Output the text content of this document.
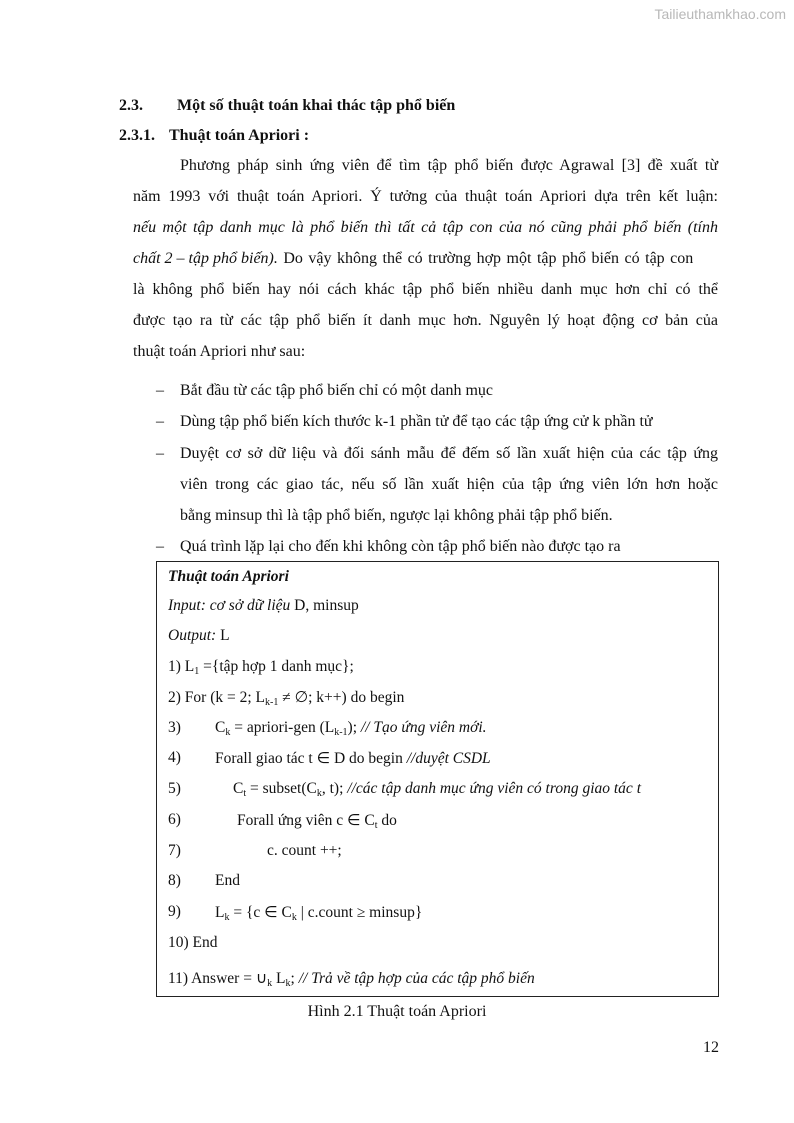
Tailieuthamkhao.com
2.3. Một số thuật toán khai thác tập phổ biến
2.3.1. Thuật toán Apriori :
Phương pháp sinh ứng viên để tìm tập phổ biến được Agrawal [3] đề xuất từ
năm 1993 với thuật toán Apriori. Ý tưởng của thuật toán Apriori dựa trên kết luận:
nếu một tập danh mục là phổ biến thì tất cả tập con của nó cũng phải phổ biến (tính
chất 2 – tập phổ biến). Do vậy không thể có trường hợp một tập phổ biến có tập con
là không phổ biến hay nói cách khác tập phổ biến nhiều danh mục hơn chỉ có thể
được tạo ra từ các tập phổ biến ít danh mục hơn. Nguyên lý hoạt động cơ bản của
thuật toán Apriori như sau:
– Bắt đầu từ các tập phổ biến chỉ có một danh mục
– Dùng tập phổ biến kích thước k-1 phần tử để tạo các tập ứng cử k phần tử
– Duyệt cơ sở dữ liệu và đối sánh mẫu để đếm số lần xuất hiện của các tập ứng
viên trong các giao tác, nếu số lần xuất hiện của tập ứng viên lớn hơn hoặc
bằng minsup thì là tập phổ biến, ngược lại không phải tập phổ biến.
– Quá trình lặp lại cho đến khi không còn tập phổ biến nào được tạo ra
Thuật toán Apriori
Input: cơ sở dữ liệu D, minsup
Output: L
1) $L_1$ ={tập hợp 1 danh mục};
2) For (k = 2; $L_{k-1}$ ≠ ∅; k++) do begin
3) $C_k$ = apriori-gen $(L_{k-1})$; // Tạo ứng viên mới.
4) Forall giao tác t ∈ D do begin //duyệt CSDL
5)	$C_t$ = $subset(C_k$, t); //các tập danh mục ứng viên có trong giao tác t
6)	Forall ứng viên c ∈ $C_t$ do
7)	c. count ++;
8) End
9) $L_k = \{c$ ∈ $C_k$ | c.count ≥ minsup}
10) End
11) Answer = $\cup_k$ $L_k$; // Trả về tập hợp của các tập phổ biến
Hình 2.1 Thuật toán Apriori
12
